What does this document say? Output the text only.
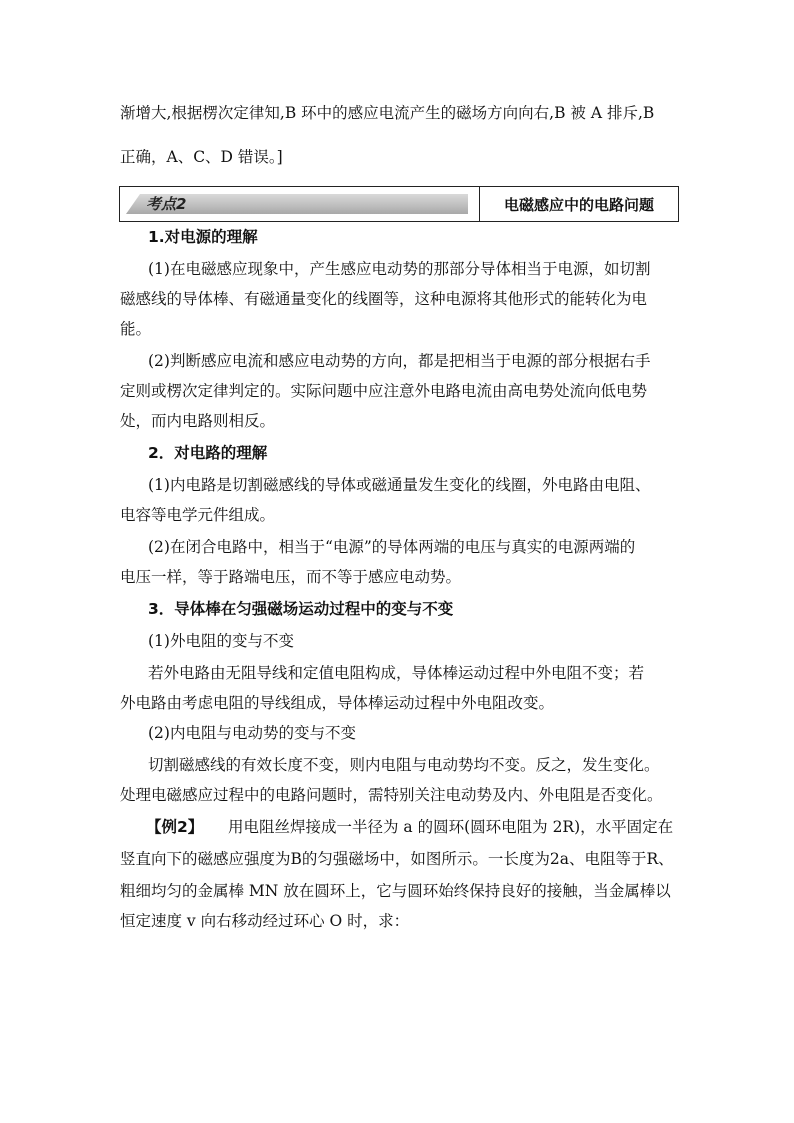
渐增大,根据楞次定律知,B 环中的感应电流产生的磁场方向向右,B 被 A 排斥,B
正确，A、C、D 错误。]
考点2	电磁感应中的电路问题
1.对电源的理解
(1)在电磁感应现象中，产生感应电动势的那部分导体相当于电源，如切割
磁感线的导体棒、有磁通量变化的线圈等，这种电源将其他形式的能转化为电
能。
(2)判断感应电流和感应电动势的方向，都是把相当于电源的部分根据右手
定则或楞次定律判定的。实际问题中应注意外电路电流由高电势处流向低电势
处，而内电路则相反。
2．对电路的理解
(1)内电路是切割磁感线的导体或磁通量发生变化的线圈，外电路由电阻、
电容等电学元件组成。
(2)在闭合电路中，相当于“电源”的导体两端的电压与真实的电源两端的
电压一样，等于路端电压，而不等于感应电动势。
3．导体棒在匀强磁场运动过程中的变与不变
(1)外电阻的变与不变
若外电路由无阻导线和定值电阻构成，导体棒运动过程中外电阻不变；若
外电路由考虑电阻的导线组成，导体棒运动过程中外电阻改变。
(2)内电阻与电动势的变与不变
切割磁感线的有效长度不变，则内电阻与电动势均不变。反之，发生变化。
处理电磁感应过程中的电路问题时，需特别关注电动势及内、外电阻是否变化。
【例2】 用电阻丝焊接成一半径为 a 的圆环(圆环电阻为 2R)，水平固定在
竖直向下的磁感应强度为B的匀强磁场中，如图所示。一长度为2a、电阻等于R、
粗细均匀的金属棒 MN 放在圆环上，它与圆环始终保持良好的接触，当金属棒以
恒定速度 v 向右移动经过环心 O 时，求：
